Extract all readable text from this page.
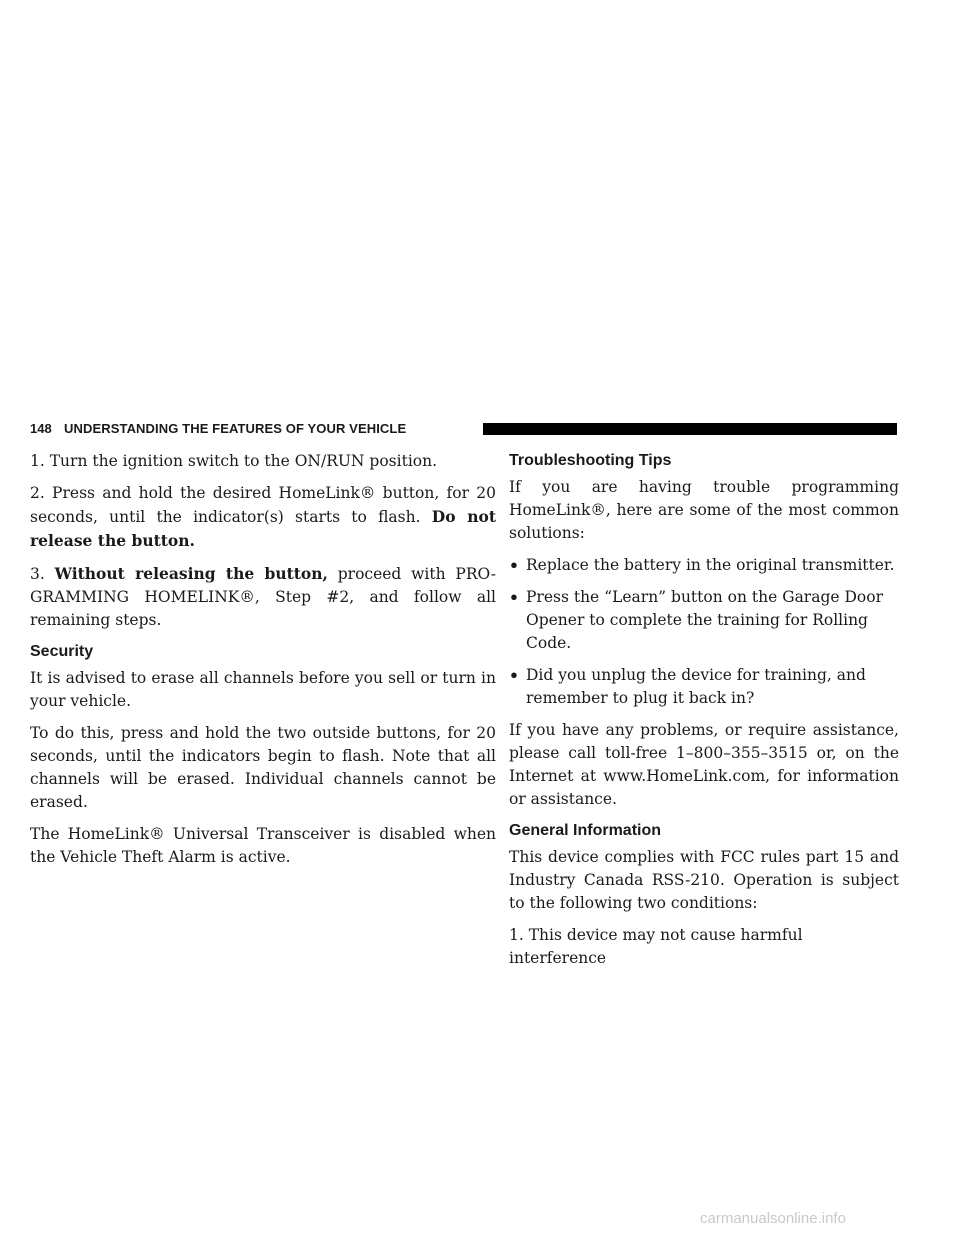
148 UNDERSTANDING THE FEATURES OF YOUR VEHICLE

1. Turn the ignition switch to the ON/RUN position.

2. Press and hold the desired HomeLink® button, for 20 seconds, until the indicator(s) starts to flash. Do not release the button.

3. Without releasing the button, proceed with PRO-GRAMMING HOMELINK®, Step #2, and follow all remaining steps.

Security

It is advised to erase all channels before you sell or turn in your vehicle.

To do this, press and hold the two outside buttons, for 20 seconds, until the indicators begin to flash. Note that all channels will be erased. Individual channels cannot be erased.

The HomeLink® Universal Transceiver is disabled when the Vehicle Theft Alarm is active.

Troubleshooting Tips

If you are having trouble programming HomeLink®, here are some of the most common solutions:

• Replace the battery in the original transmitter.
• Press the “Learn” button on the Garage Door Opener to complete the training for Rolling Code.
• Did you unplug the device for training, and remember to plug it back in?

If you have any problems, or require assistance, please call toll-free 1–800–355–3515 or, on the Internet at www.HomeLink.com, for information or assistance.

General Information

This device complies with FCC rules part 15 and Industry Canada RSS-210. Operation is subject to the following two conditions:

1. This device may not cause harmful interference

carmanualsonline.info
